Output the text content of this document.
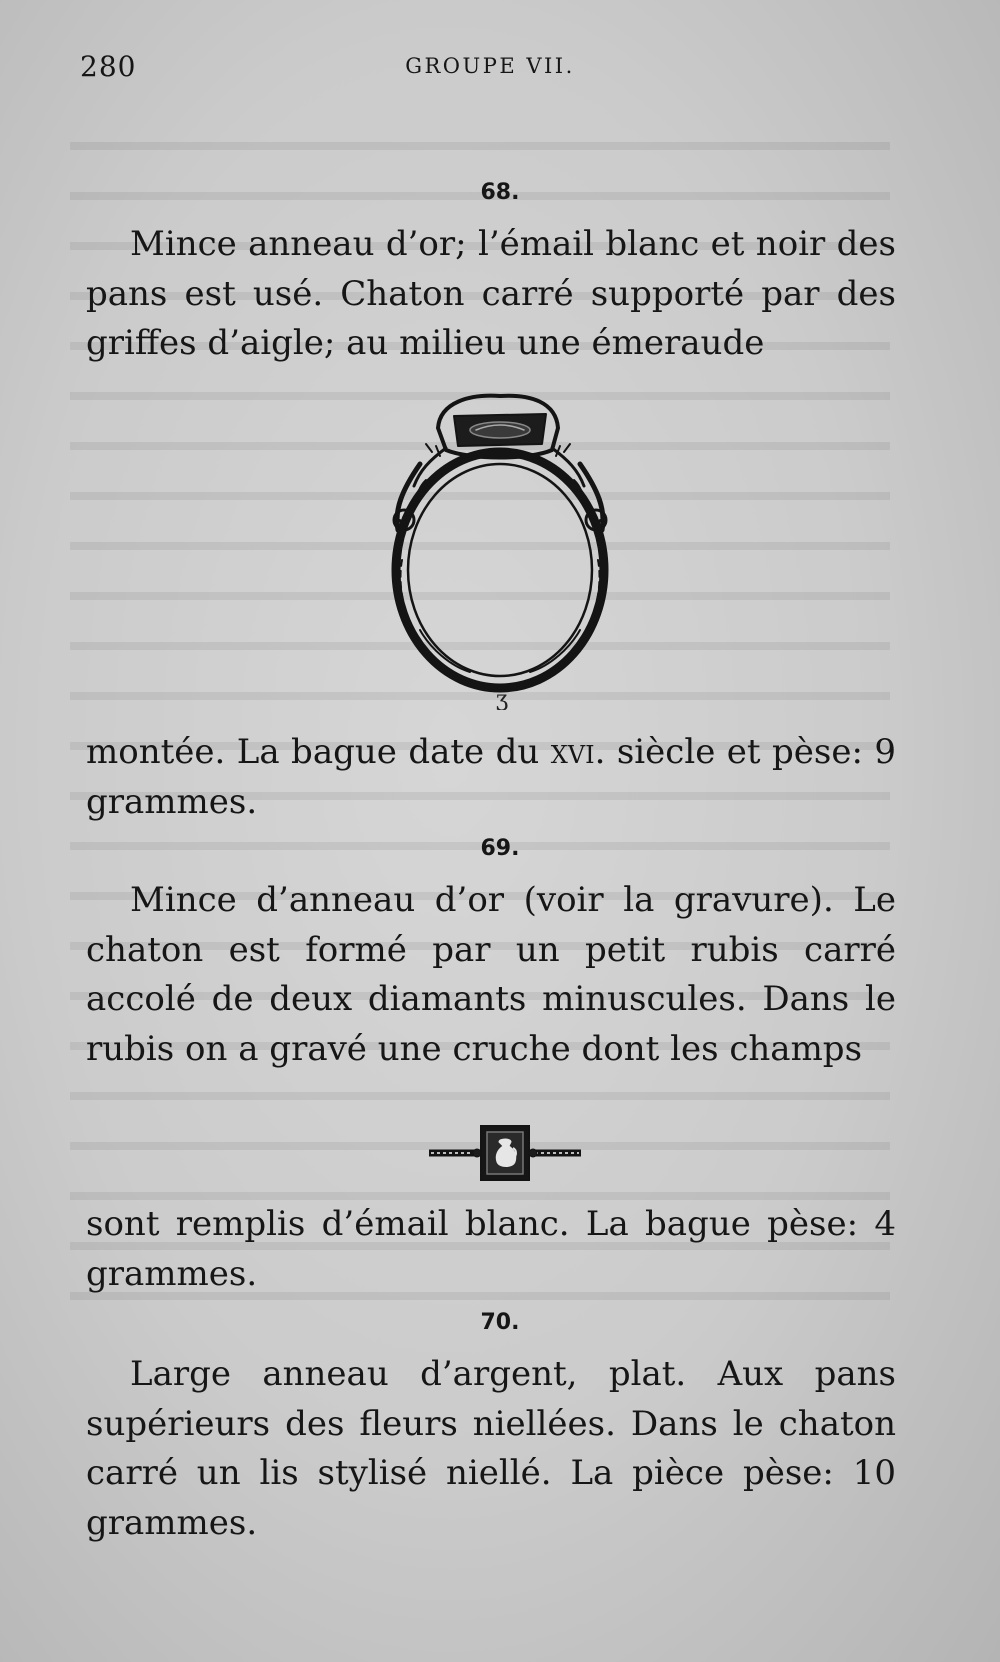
280	GROUPE VII.
68.
Mince anneau d’or; l’émail blanc et noir des pans est usé. Chaton carré supporté par des griffes d’aigle; au milieu une émeraude
ʒ
montée. La bague date du xvi. siècle et pèse: 9 grammes.
69.
Mince d’anneau d’or (voir la gravure). Le chaton est formé par un petit rubis carré accolé de deux diamants minuscules. Dans le rubis on a gravé une cruche dont les champs
sont remplis d’émail blanc. La bague pèse: 4 grammes.
70.
Large anneau d’argent, plat. Aux pans supérieurs des fleurs niellées. Dans le chaton carré un lis stylisé niellé. La pièce pèse: 10 grammes.
